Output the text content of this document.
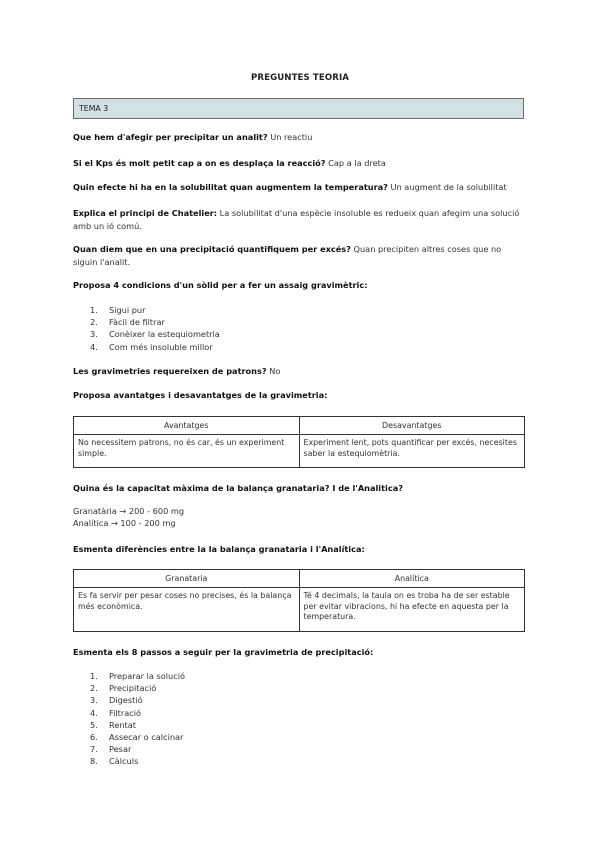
PREGUNTES TEORIA
TEMA 3
Que hem d'afegir per precipitar un analit? Un reactiu
Si el Kps és molt petit cap a on es desplaça la reacció? Cap a la dreta
Quin efecte hi ha en la solubilitat quan augmentem la temperatura? Un augment de la solubilitat
Explica el principi de Chatelier: La solubilitat d'una espècie insoluble es redueix quan afegim una solució amb un ió comú.
Quan diem que en una precipitació quantifiquem per excés? Quan precipiten altres coses que no siguin l'analit.
Proposa 4 condicions d'un sòlid per a fer un assaig gravimètric:
1. Sigui pur
2. Fàcil de filtrar
3. Conèixer la estequiometria
4. Com més insoluble millor
Les gravimetries requereixen de patrons? No
Proposa avantatges i desavantatges de la gravimetria:
Avantatges	Desavantatges
No necessitem patrons, no és car, és un experiment simple.	Experiment lent, pots quantificar per excés, necesites saber la estequiomètria.
Quina és la capacitat màxima de la balança granataria? I de l'Analitica?
Granatària → 200 - 600 mg
Analítica → 100 - 200 mg
Esmenta diferències entre la la balança granataria i l'Analítica:
Granataria	Analítica
Es fa servir per pesar coses no precises, és la balança més econòmica.	Té 4 decimals, la taula on es troba ha de ser estable per evitar vibracions, hi ha efecte en aquesta per la temperatura.
Esmenta els 8 passos a seguir per la gravimetria de precipitació:
1. Preparar la solució
2. Precipitació
3. Digestió
4. Filtració
5. Rentat
6. Assecar o calcinar
7. Pesar
8. Càlculs
